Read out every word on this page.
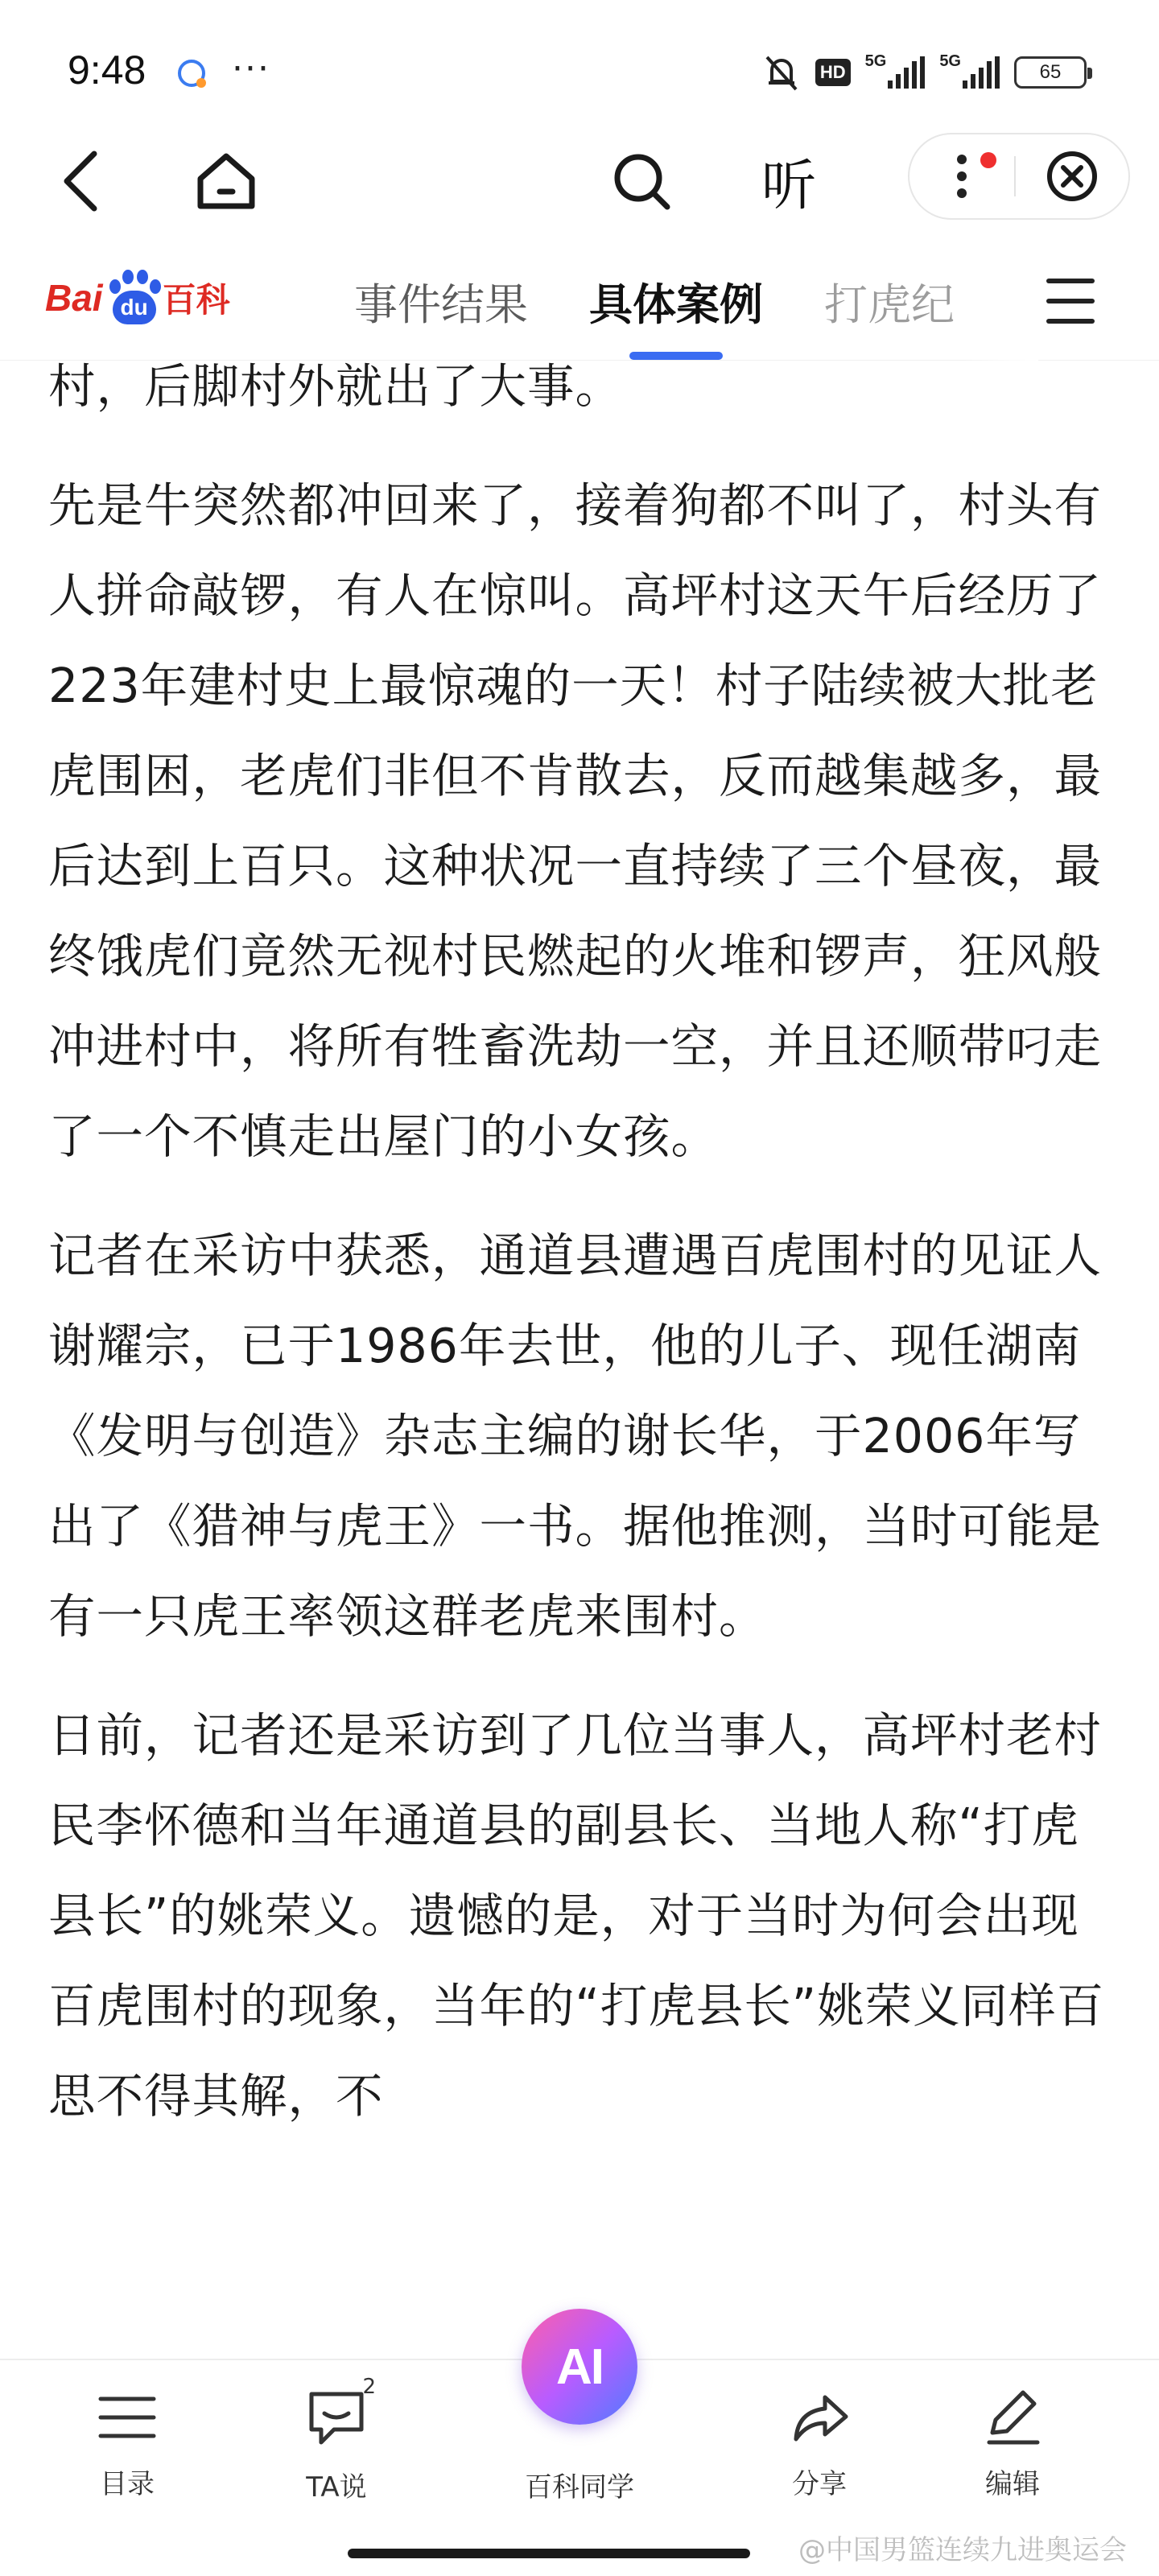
9:48 ···	HD
5G	5G
65
听
Bai du 百科	事件结果 具体案例 打虎纪

村，后脚村外就出了大事。

先是牛突然都冲回来了，接着狗都不叫了，村头有人拼命敲锣，有人在惊叫。高坪村这天午后经历了223年建村史上最惊魂的一天！村子陆续被大批老虎围困，老虎们非但不肯散去，反而越集越多，最后达到上百只。这种状况一直持续了三个昼夜，最终饿虎们竟然无视村民燃起的火堆和锣声，狂风般冲进村中，将所有牲畜洗劫一空，并且还顺带叼走了一个不慎走出屋门的小女孩。

记者在采访中获悉，通道县遭遇百虎围村的见证人谢耀宗，已于1986年去世，他的儿子、现任湖南《发明与创造》杂志主编的谢长华，于2006年写出了《猎神与虎王》一书。据他推测，当时可能是有一只虎王率领这群老虎来围村。

日前，记者还是采访到了几位当事人，高坪村老村民李怀德和当年通道县的副县长、当地人称“打虎县长”的姚荣义。遗憾的是，对于当时为何会出现百虎围村的现象，当年的“打虎县长”姚荣义同样百思不得其解，不

目录
2
TA说
AI
百科同学	分享	编辑
@中国男篮连续九进奥运会
